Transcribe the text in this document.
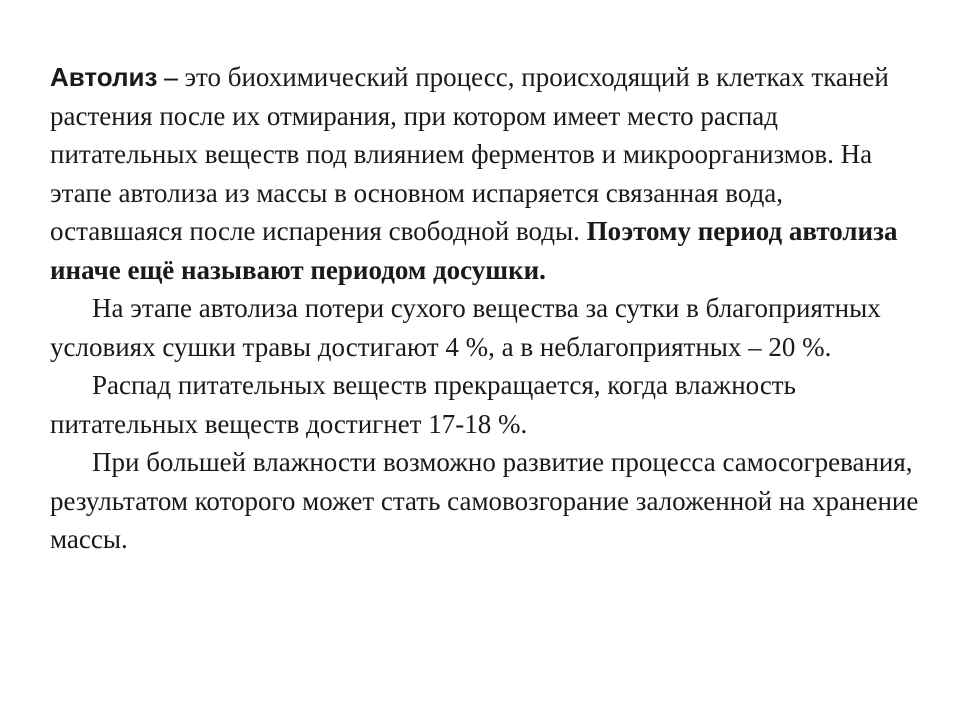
Автолиз – это биохимический процесс, происходящий в клетках тканей растения после их отмирания, при котором имеет место распад питательных веществ под влиянием ферментов и микроорганизмов. На этапе автолиза из массы в основном испаряется связанная вода, оставшаяся после испарения свободной воды. Поэтому период автолиза иначе ещё называют периодом досушки.

На этапе автолиза потери сухого вещества за сутки в благоприятных условиях сушки травы достигают 4 %, а в неблагоприятных – 20 %.

Распад питательных веществ прекращается, когда влажность питательных веществ достигнет 17-18 %.

При большей влажности возможно развитие процесса самосогревания, результатом которого может стать самовозгорание заложенной на хранение массы.
